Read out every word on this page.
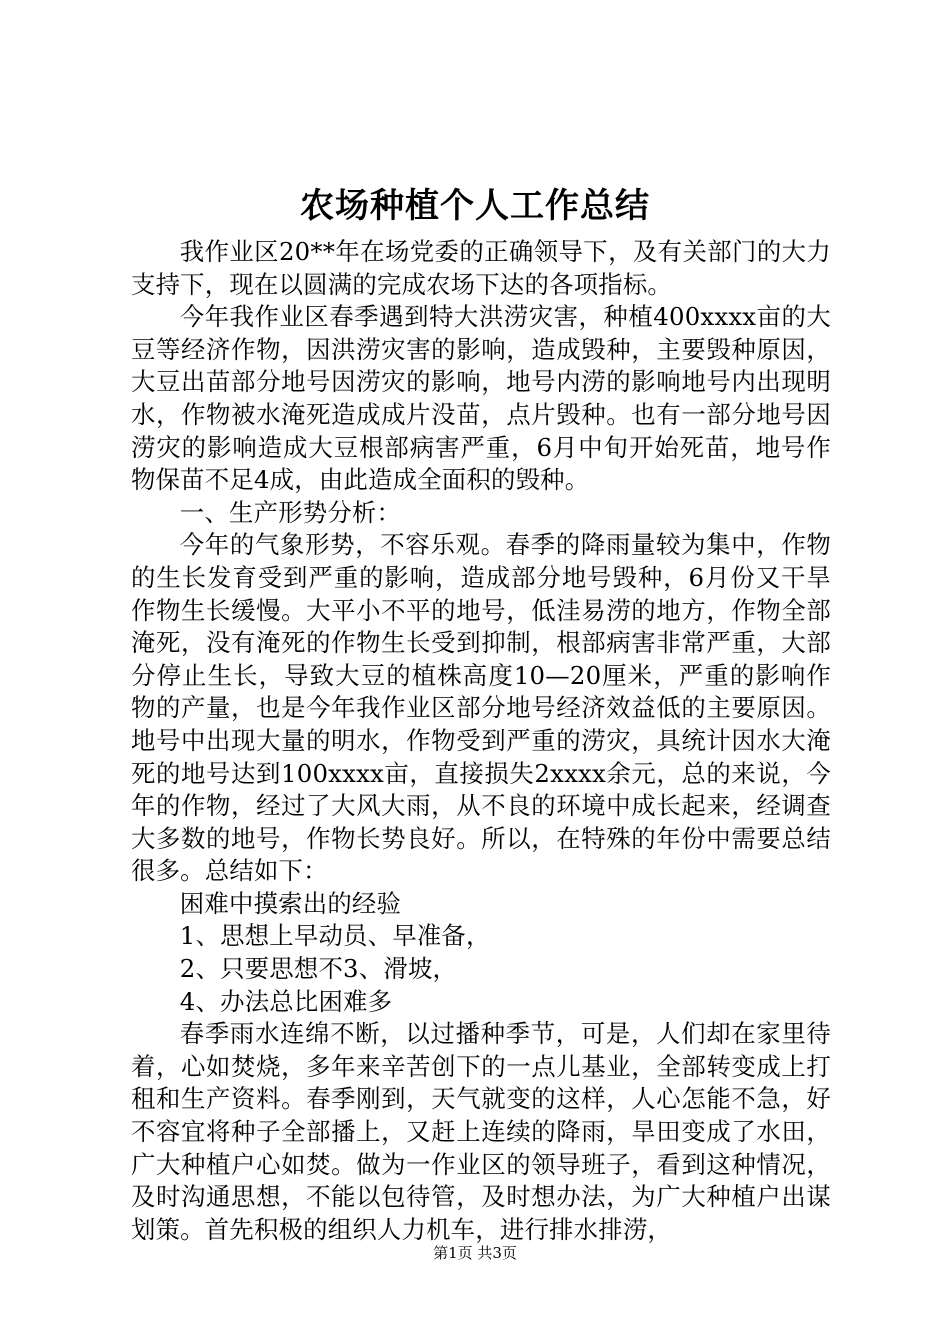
农场种植个人工作总结

我作业区20**年在场党委的正确领导下，及有关部门的大力支持下，现在以圆满的完成农场下达的各项指标。

今年我作业区春季遇到特大洪涝灾害，种植400xxxx亩的大豆等经济作物，因洪涝灾害的影响，造成毁种，主要毁种原因，大豆出苗部分地号因涝灾的影响，地号内涝的影响地号内出现明水，作物被水淹死造成成片没苗，点片毁种。也有一部分地号因涝灾的影响造成大豆根部病害严重，6月中旬开始死苗，地号作物保苗不足4成，由此造成全面积的毁种。

一、生产形势分析：

今年的气象形势，不容乐观。春季的降雨量较为集中，作物的生长发育受到严重的影响，造成部分地号毁种，6月份又干旱作物生长缓慢。大平小不平的地号，低洼易涝的地方，作物全部淹死，没有淹死的作物生长受到抑制，根部病害非常严重，大部分停止生长，导致大豆的植株高度10—20厘米，严重的影响作物的产量，也是今年我作业区部分地号经济效益低的主要原因。地号中出现大量的明水，作物受到严重的涝灾，具统计因水大淹死的地号达到100xxxx亩，直接损失2xxxx余元，总的来说，今年的作物，经过了大风大雨，从不良的环境中成长起来，经调查大多数的地号，作物长势良好。所以，在特殊的年份中需要总结很多。总结如下：

困难中摸索出的经验

1、思想上早动员、早准备，

2、只要思想不3、滑坡，

4、办法总比困难多

春季雨水连绵不断，以过播种季节，可是，人们却在家里待着，心如焚烧，多年来辛苦创下的一点儿基业，全部转变成上打租和生产资料。春季刚到，天气就变的这样，人心怎能不急，好不容宜将种子全部播上，又赶上连续的降雨，旱田变成了水田，广大种植户心如焚。做为一作业区的领导班子，看到这种情况，及时沟通思想，不能以包待管，及时想办法，为广大种植户出谋划策。首先积极的组织人力机车，进行排水排涝，

第1页 共3页
